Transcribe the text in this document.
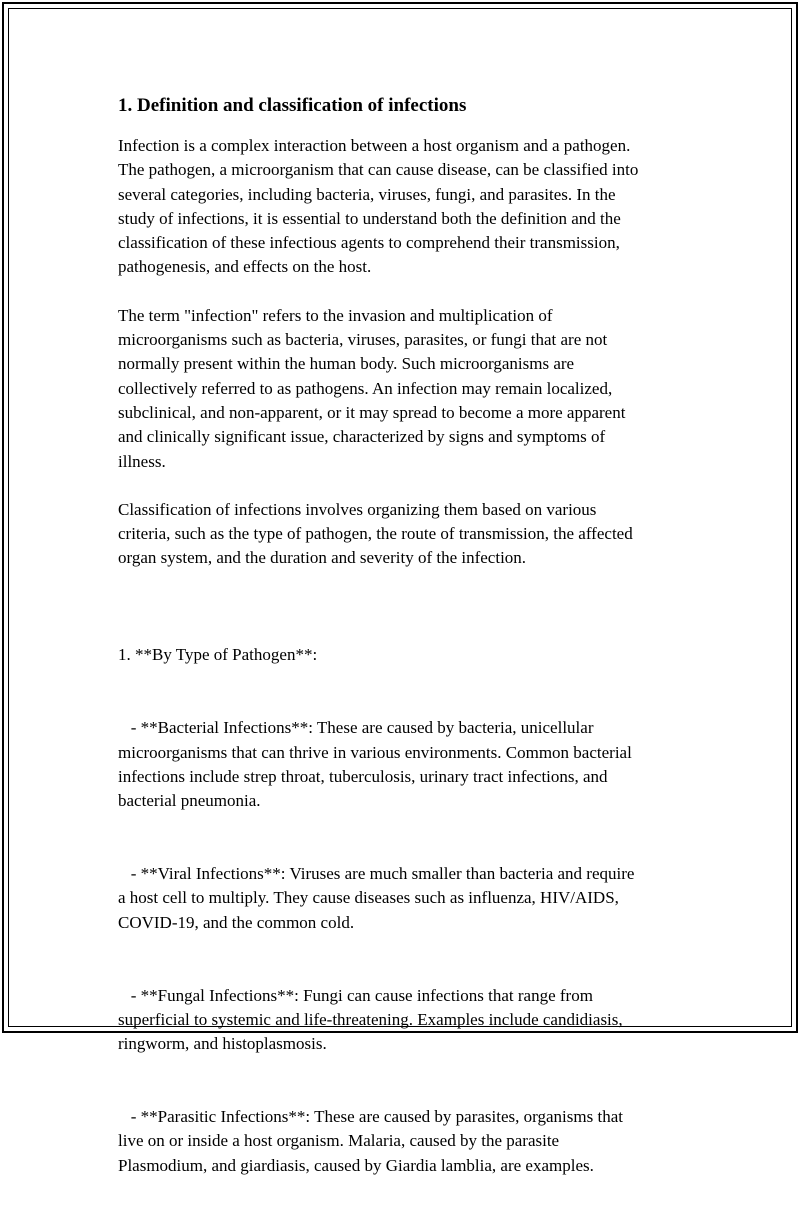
1. Definition and classification of infections

Infection is a complex interaction between a host organism and a pathogen.
The pathogen, a microorganism that can cause disease, can be classified into
several categories, including bacteria, viruses, fungi, and parasites. In the
study of infections, it is essential to understand both the definition and the
classification of these infectious agents to comprehend their transmission,
pathogenesis, and effects on the host.

The term "infection" refers to the invasion and multiplication of
microorganisms such as bacteria, viruses, parasites, or fungi that are not
normally present within the human body. Such microorganisms are
collectively referred to as pathogens. An infection may remain localized,
subclinical, and non-apparent, or it may spread to become a more apparent
and clinically significant issue, characterized by signs and symptoms of
illness.

Classification of infections involves organizing them based on various
criteria, such as the type of pathogen, the route of transmission, the affected
organ system, and the duration and severity of the infection.

1. **By Type of Pathogen**:

- **Bacterial Infections**: These are caused by bacteria, unicellular
microorganisms that can thrive in various environments. Common bacterial
infections include strep throat, tuberculosis, urinary tract infections, and
bacterial pneumonia.

- **Viral Infections**: Viruses are much smaller than bacteria and require
a host cell to multiply. They cause diseases such as influenza, HIV/AIDS,
COVID-19, and the common cold.

- **Fungal Infections**: Fungi can cause infections that range from
superficial to systemic and life-threatening. Examples include candidiasis,
ringworm, and histoplasmosis.

- **Parasitic Infections**: These are caused by parasites, organisms that
live on or inside a host organism. Malaria, caused by the parasite
Plasmodium, and giardiasis, caused by Giardia lamblia, are examples.
